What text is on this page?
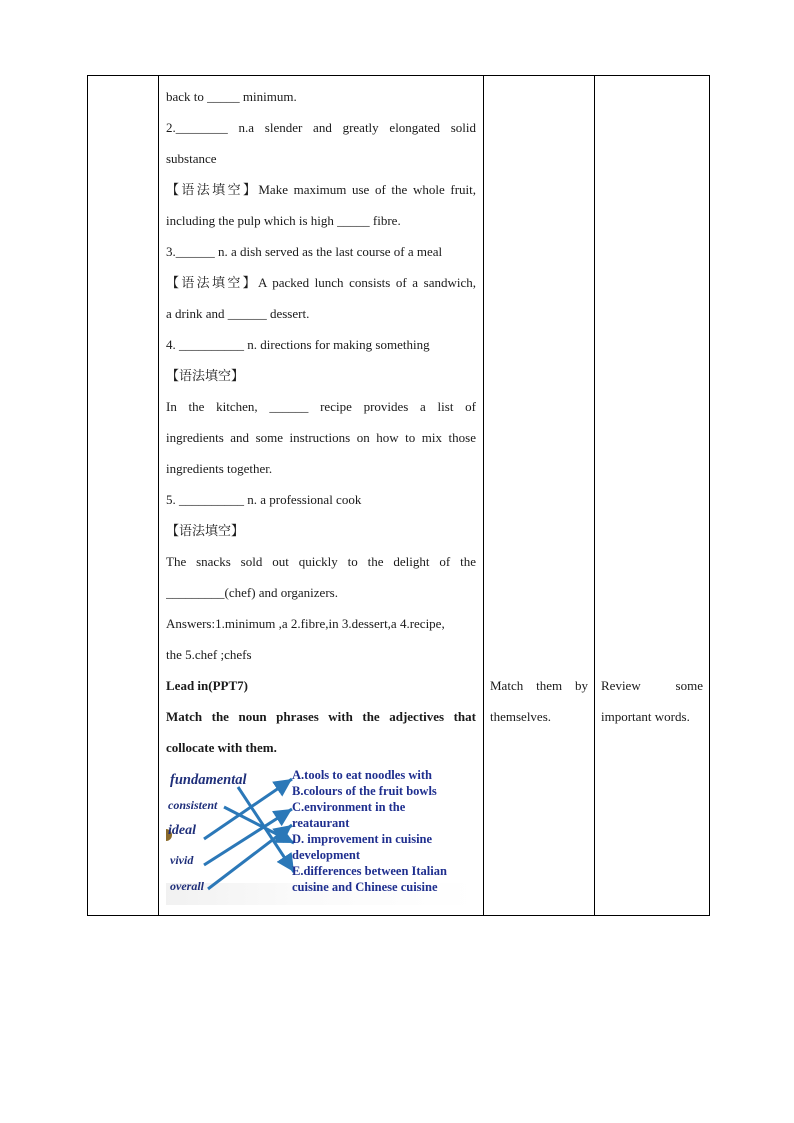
back to _____ minimum.
2.________ n.a slender and greatly elongated solid
substance
【语法填空】Make maximum use of the whole fruit,
including the pulp which is high _____ fibre.
3.______ n. a dish served as the last course of a meal
【语法填空】A packed lunch consists of a sandwich,
a drink and ______ dessert.
4. __________ n. directions for making something
【语法填空】
In the kitchen, ______ recipe provides a list of
ingredients and some instructions on how to mix those
ingredients together.
5. __________ n. a professional cook
【语法填空】
The snacks sold out quickly to the delight of the
_________(chef) and organizers.
Answers:1.minimum ,a 2.fibre,in 3.dessert,a 4.recipe,
the 5.chef ;chefs
Lead in(PPT7)
Match the noun phrases with the adjectives that
collocate with them.
fundamental
consistent
ideal
vivid
overall
A.tools to eat noodles with
B.colours of the fruit bowls
C.environment in the
reataurant
D. improvement in cuisine
development
E.differences between Italian
cuisine and Chinese cuisine

Match them by
themselves.

Review some
important words.
